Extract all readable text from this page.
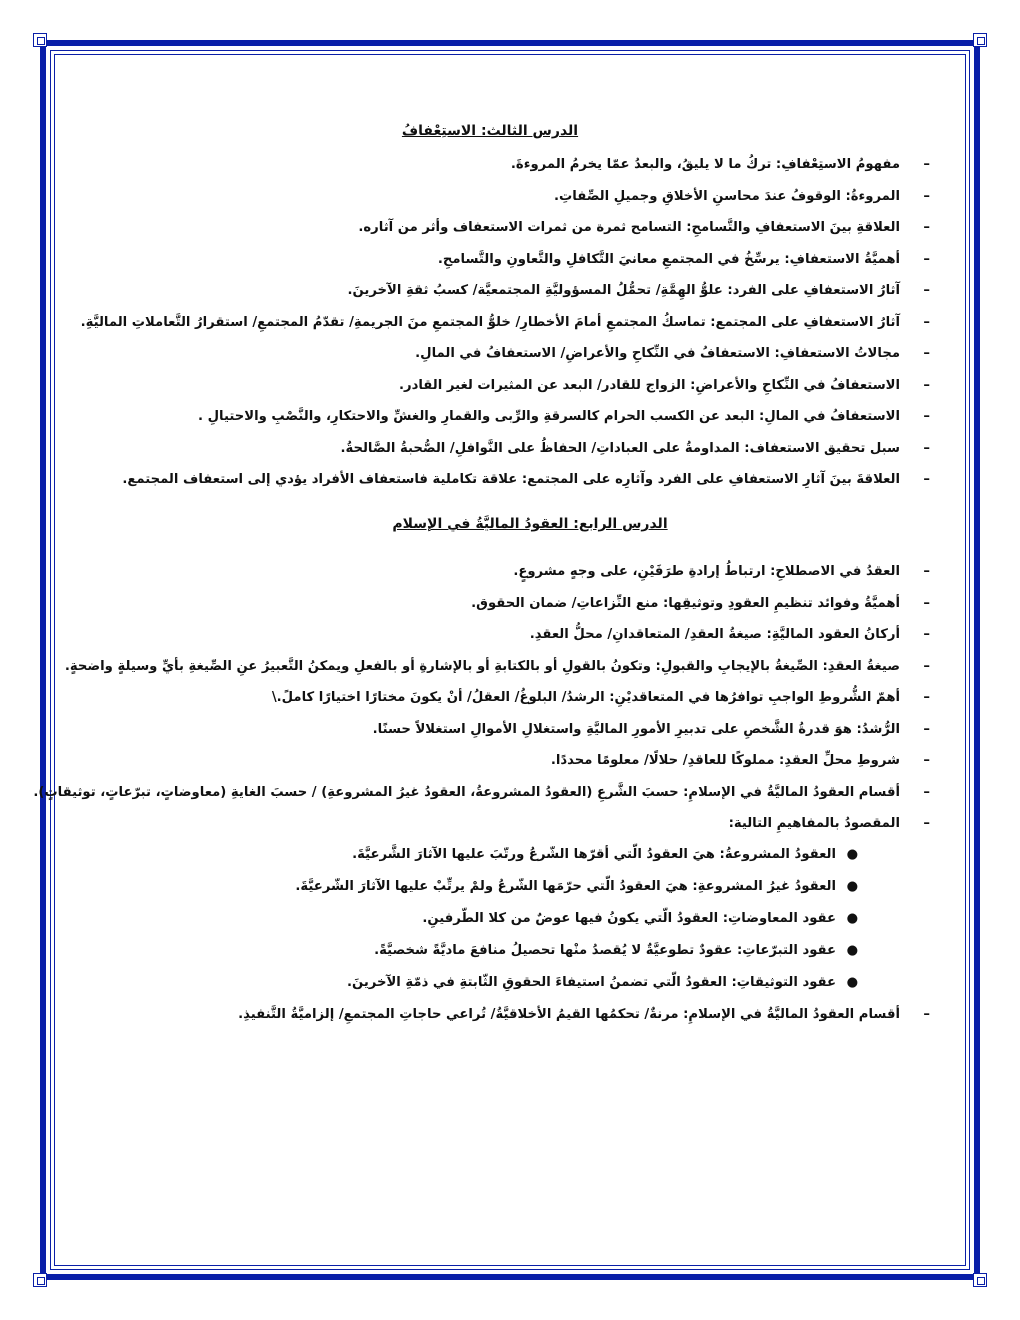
الدرس الثالث: الاستِعْفافُ
–
مفهومُ الاستِعْفافِ: تركُ ما لا يليقُ، والبعدُ عمّا يخرمُ المروءةَ.
–
المروءةُ: الوقوفُ عندَ محاسنِ الأخلاقِ وجميلِ الصِّفاتِ.
–
العلاقةِ بينَ الاستعفافِ والتَّسامحِ: التسامح ثمرة من ثمرات الاستعفاف وأثر من آثاره.
–
أهميَّةُ الاستعفافِ: يرسِّخُ في المجتمعِ معانيَ التَّكافلِ والتَّعاونِ والتَّسامحِ.
–
آثارُ الاستعفافِ على الفرد: علوُّ الهِمَّةِ/ تحمُّلُ المسؤوليَّةِ المجتمعيَّة/ كسبُ ثقةِ الآخرينَ.
–
آثارُ الاستعفافِ على المجتمع: تماسكُ المجتمعِ أمامَ الأخطارِ/ خلوُّ المجتمعِ منَ الجريمةِ/ تقدّمُ المجتمعِ/ استقرارُ التَّعاملاتِ الماليَّةِ.
–
مجالاتُ الاستعفافِ: الاستعفافُ في النِّكاحِ والأعراضِ/ الاستعفافُ في المالِ.
–
الاستعفافُ في النِّكاحِ والأعراضِ: الزواج للقادر/ البعد عن المثيرات لغير القادر.
–
الاستعفافُ في المالِ: البعد عن الكسب الحرام كالسرقةِ والرِّبى والقمارِ والغشِّ والاحتكارِ، والنَّصْبِ والاحتيالِ .
–
سبل تحقيق الاستعفاف: المداومةُ على العباداتِ/ الحفاظُ على النَّوافلِ/ الصُّحبةُ الصَّالحةُ.
–
العلاقةَ بينَ آثارِ الاستعفافِ على الفرد وآثارِه على المجتمع: علاقة تكاملية فاستعفاف الأفراد يؤدي إلى استعفاف المجتمع.
الدرس الرابع: العقودُ الماليَّةُ في الإسلام
–
العقدُ في الاصطلاحِ: ارتباطُ إرادةِ طرَفَيْنِ، على وجهٍ مشروعٍ.
–
أهميَّةُ وفوائد تنظيمِ العقودِ وتوثيقِها: منع النِّزاعاتِ/ ضمان الحقوق.
–
أركانُ العقود الماليَّةِ: صيغةُ العقدِ/ المتعاقدانِ/ محلُّ العقدِ.
–
صيغةُ العقدِ: الصِّيغةُ بالإيجابِ والقبولِ: وتكونُ بالقولِ أو بالكتابةِ أو بالإشارةِ أو بالفعلِ ويمكنُ التَّعبيرُ عنِ الصِّيغةِ بأيِّ وسيلةٍ واضحةٍ.
–
أهمّ الشُّروطِ الواجبِ توافرُها في المتعاقديْنِ: الرشدُ/ البلوغُ/ العقلُ/ أنْ يكونَ مختارًا اختيارًا كاملً.\
–
الرُّشدُ: هوَ قدرةُ الشَّخصِ على تدبيرِ الأمورِ الماليَّةِ واستغلالِ الأموالِ استغلالاً حسنًا.
–
شروطِ محلِّ العقدِ: مملوكًا للعاقدِ/ حلالًا/ معلومًا محددًا.
–
أقسام العقودُ الماليَّةُ في الإسلامِ: حسبَ الشَّرعِ (العقودُ المشروعةُ، العقودُ غيرُ المشروعةِ) / حسبَ الغايةِ (معاوضاتٍ، تبرّعاتٍ، توثيقاتٍ).
–
المقصودُ بالمفاهيمِ التالية:
●
العقودُ المشروعةُ: هيَ العقودُ الّتي أقرّها الشّرعُ ورتّبَ عليها الآثارَ الشَّرعيَّةَ.
●
العقودُ غيرُ المشروعةِ: هيَ العقودُ الّتي حرّمَها الشّرعُ ولمْ يرتِّبْ عليها الآثارَ الشّرعيَّةَ.
●
عقود المعاوضاتِ: العقودُ الّتي يكونُ فيها عوضٌ من كلا الطّرفينِ.
●
عقود التبرّعاتِ: عقودٌ تطوعيَّةٌ لا يُقصدُ منْها تحصيلُ منافعَ ماديَّةً شخصيَّةً.
●
عقود التوثيقاتِ: العقودُ الّتي تضمنُ استيفاءَ الحقوقِ الثّابتةِ في ذمّةِ الآخرينَ.
–
أقسام العقودُ الماليَّةُ في الإسلامِ: مرنةٌ/ تحكمُها القيمُ الأخلاقيَّةُ/ تُراعي حاجاتِ المجتمعِ/ إلزاميَّةُ التَّنفيذِ.
